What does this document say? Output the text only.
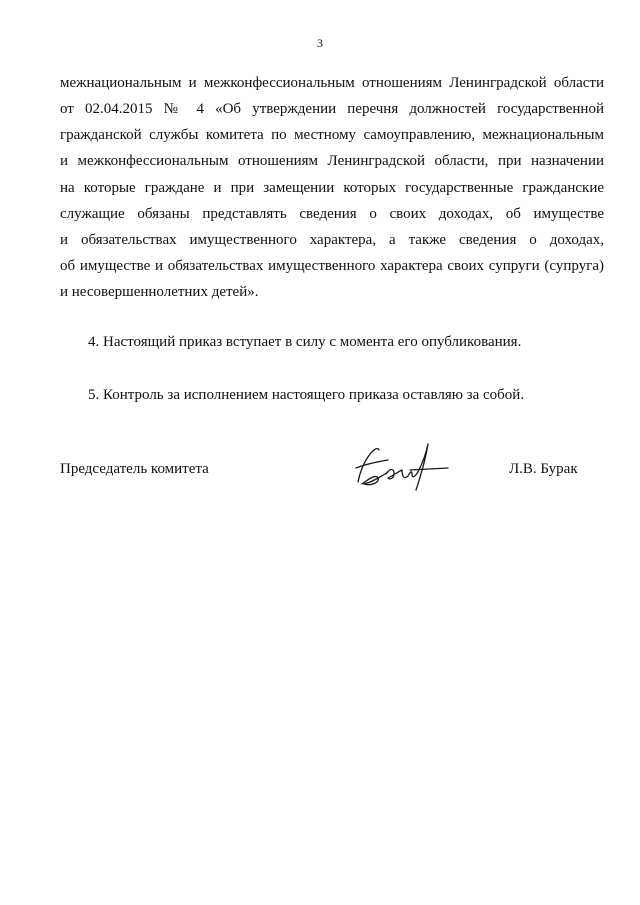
3
межнациональным и межконфессиональным отношениям Ленинградской области
от 02.04.2015 № 4 «Об утверждении перечня должностей государственной
гражданской службы комитета по местному самоуправлению, межнациональным
и межконфессиональным отношениям Ленинградской области, при назначении
на которые граждане и при замещении которых государственные гражданские
служащие обязаны представлять сведения о своих доходах, об имуществе
и обязательствах имущественного характера, а также сведения о доходах,
об имуществе и обязательствах имущественного характера своих супруги (супруга)
и несовершеннолетних детей».
4. Настоящий приказ вступает в силу с момента его опубликования.
5. Контроль за исполнением настоящего приказа оставляю за собой.
Председатель комитета	Л.В. Бурак
